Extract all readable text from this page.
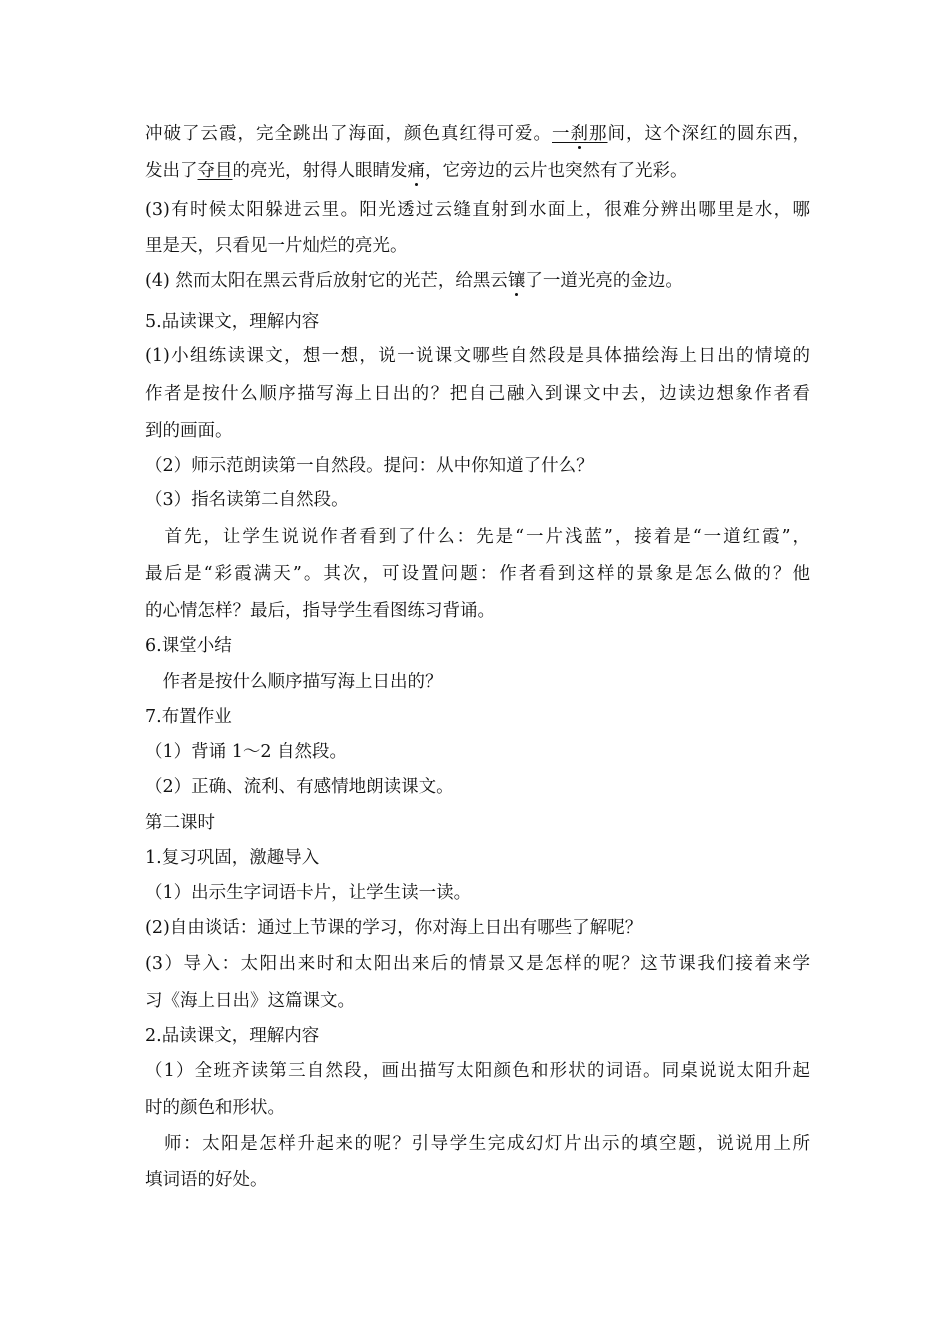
冲破了云霞，完全跳出了海面，颜色真红得可爱。一刹那间，这个深红的圆东西，
发出了夺目的亮光，射得人眼睛发痛，它旁边的云片也突然有了光彩。
(3)有时候太阳躲进云里。阳光透过云缝直射到水面上，很难分辨出哪里是水，哪
里是天，只看见一片灿烂的亮光。
(4) 然而太阳在黑云背后放射它的光芒，给黑云镶了一道光亮的金边。
5.品读课文，理解内容
(1)小组练读课文，想一想，说一说课文哪些自然段是具体描绘海上日出的情境的
作者是按什么顺序描写海上日出的？把自己融入到课文中去，边读边想象作者看
到的画面。
（2）师示范朗读第一自然段。提问：从中你知道了什么？
（3）指名读第二自然段。
　首先，让学生说说作者看到了什么：先是“一片浅蓝”，接着是“一道红霞”，
最后是“彩霞满天”。其次，可设置问题：作者看到这样的景象是怎么做的？他
的心情怎样？最后，指导学生看图练习背诵。
6.课堂小结
　作者是按什么顺序描写海上日出的？
7.布置作业
（1）背诵 1～2 自然段。
（2）正确、流利、有感情地朗读课文。
第二课时
1.复习巩固，激趣导入
（1）出示生字词语卡片，让学生读一读。
(2)自由谈话：通过上节课的学习，你对海上日出有哪些了解呢？
(3）导入：太阳出来时和太阳出来后的情景又是怎样的呢？这节课我们接着来学
习《海上日出》这篇课文。
2.品读课文，理解内容
（1）全班齐读第三自然段，画出描写太阳颜色和形状的词语。同桌说说太阳升起
时的颜色和形状。
　师：太阳是怎样升起来的呢？引导学生完成幻灯片出示的填空题，说说用上所
填词语的好处。
